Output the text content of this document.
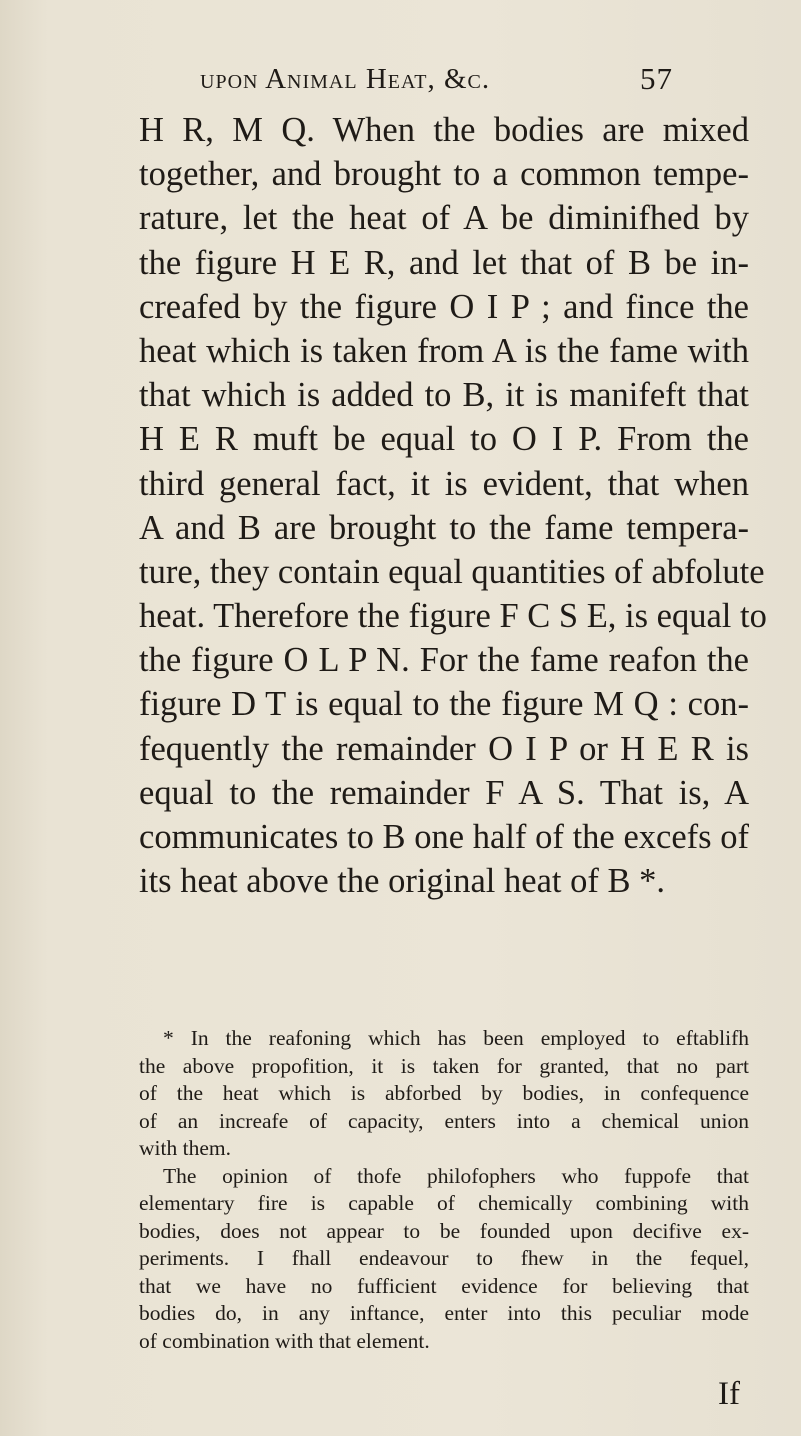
upon Animal Heat, &c.	57
H R, M Q. When the bodies are mixed
together, and brought to a common tempe-
rature, let the heat of A be diminifhed by
the figure H E R, and let that of B be in-
creafed by the figure O I P ; and fince the
heat which is taken from A is the fame with
that which is added to B, it is manifeft that
H E R muft be equal to O I P. From the
third general fact, it is evident, that when
A and B are brought to the fame tempera-
ture, they contain equal quantities of abfolute
heat. Therefore the figure F C S E, is equal to
the figure O L P N. For the fame reafon the
figure D T is equal to the figure M Q : con-
fequently the remainder O I P or H E R is
equal to the remainder F A S. That is, A
communicates to B one half of the excefs of
its heat above the original heat of B *.
* In the reafoning which has been employed to eftablifh
the above propofition, it is taken for granted, that no part
of the heat which is abforbed by bodies, in confequence
of an increafe of capacity, enters into a chemical union
with them.
The opinion of thofe philofophers who fuppofe that
elementary fire is capable of chemically combining with
bodies, does not appear to be founded upon decifive ex-
periments. I fhall endeavour to fhew in the fequel,
that we have no fufficient evidence for believing that
bodies do, in any inftance, enter into this peculiar mode
of combination with that element.
If
